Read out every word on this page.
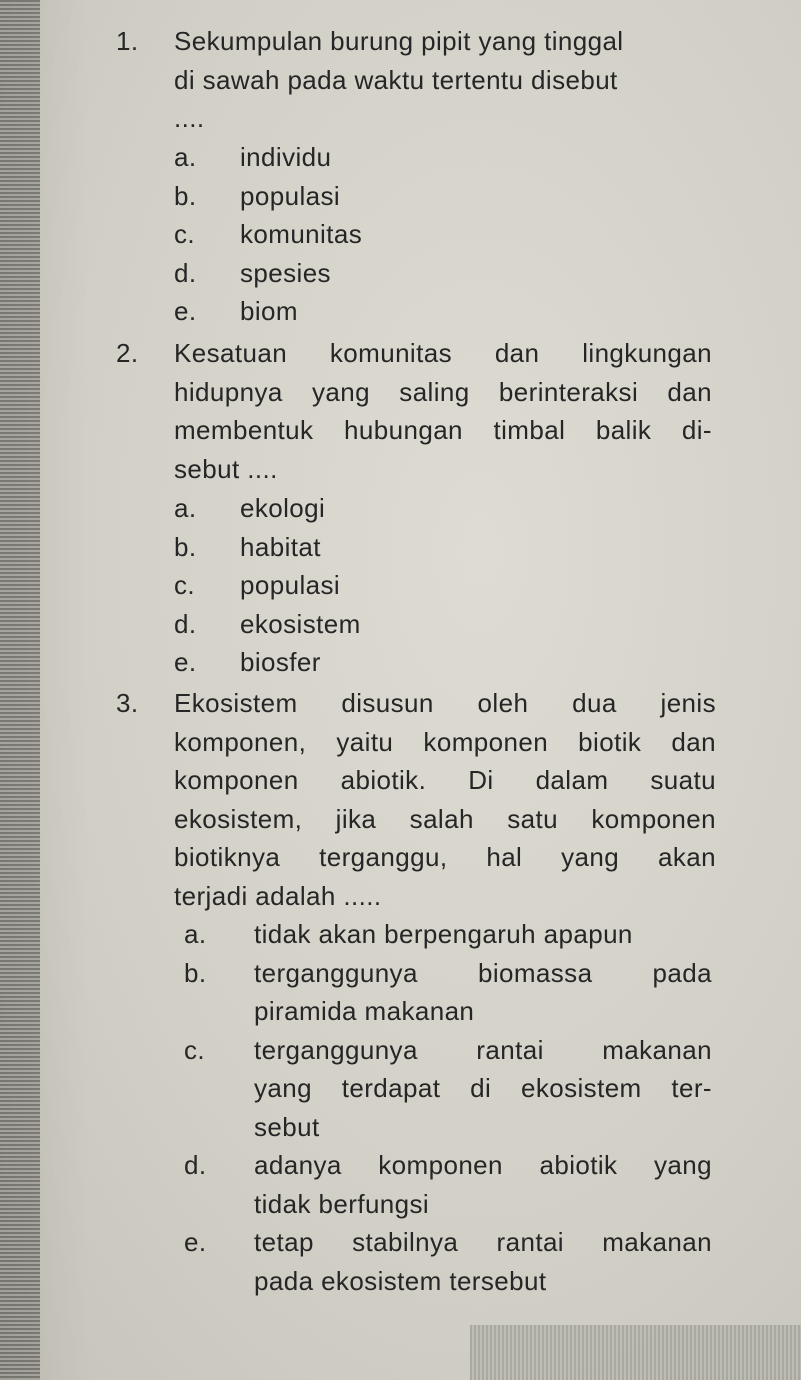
1. Sekumpulan burung pipit yang tinggal
di sawah pada waktu tertentu disebut
....
a. individu
b. populasi
c. komunitas
d. spesies
e. biom
2. Kesatuan komunitas dan lingkungan
hidupnya yang saling berinteraksi dan
membentuk hubungan timbal balik di-
sebut ....
a. ekologi
b. habitat
c. populasi
d. ekosistem
e. biosfer
3. Ekosistem disusun oleh dua jenis
komponen, yaitu komponen biotik dan
komponen abiotik. Di dalam suatu
ekosistem, jika salah satu komponen
biotiknya terganggu, hal yang akan
terjadi adalah .....
a. tidak akan berpengaruh apapun
b.	terganggunya biomassa pada
piramida makanan
c.	terganggunya rantai makanan
yang terdapat di ekosistem ter-
sebut
d.	adanya komponen abiotik yang
tidak berfungsi
e.	tetap stabilnya rantai makanan
pada ekosistem tersebut
